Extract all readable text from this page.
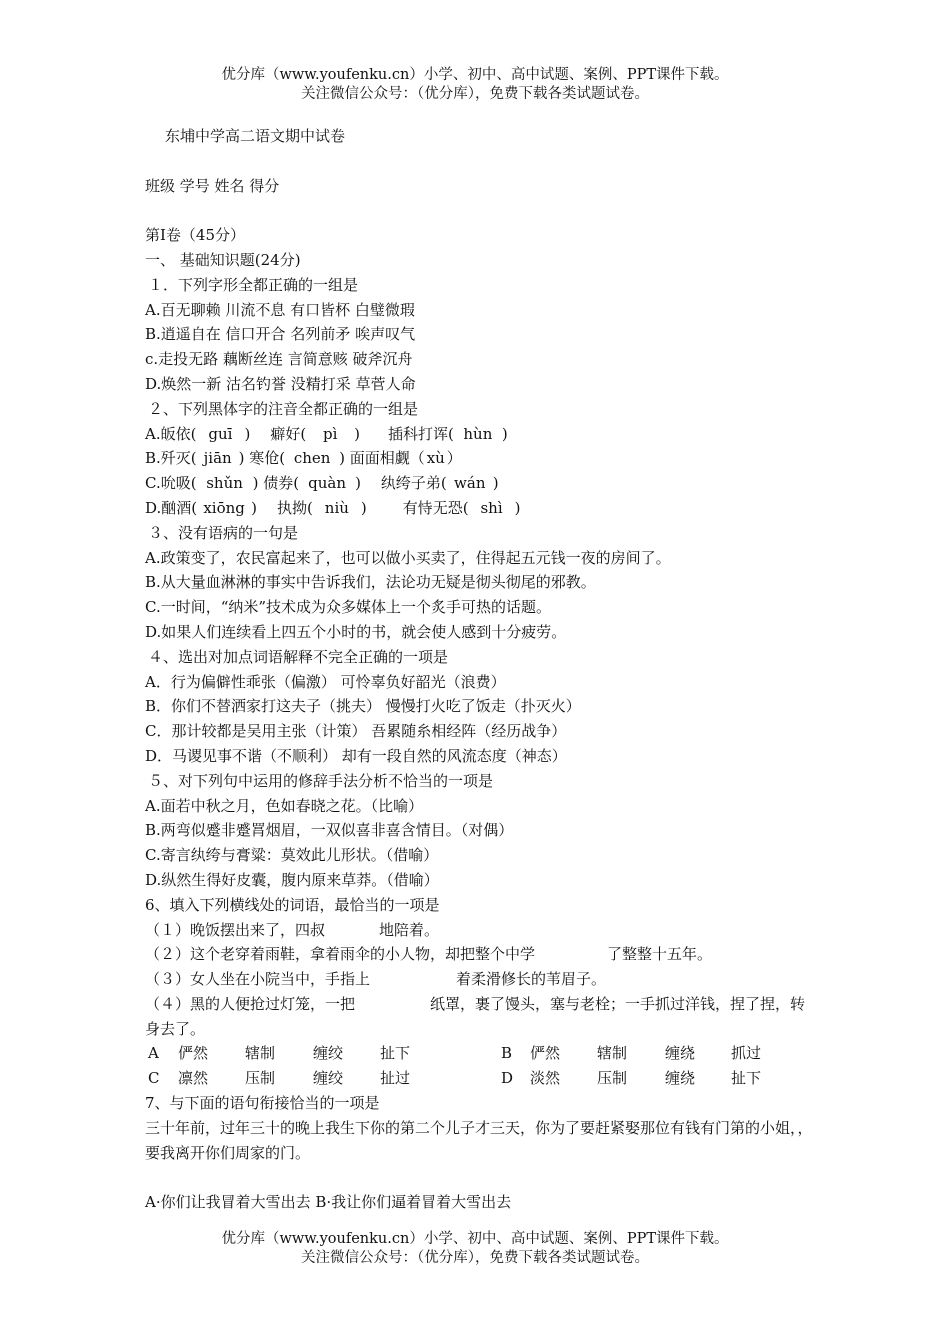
优分库（www.youfenku.cn）小学、初中、高中试题、案例、PPT课件下载。
关注微信公众号：（优分库），免费下载各类试题试卷。
东埔中学高二语文期中试卷
班级 学号 姓名 得分
第Ⅰ卷（45分）
一、 基础知识题(24分)
１．下列字形全都正确的一组是
A.百无聊赖 川流不息 有口皆杯 白璧微瑕
B.逍遥自在 信口开合 名列前矛 唉声叹气
c.走投无路 藕断丝连 言简意赅 破斧沉舟
D.焕然一新 沽名钓誉 没精打采 草菅人命
２、下列黑体字的注音全都正确的一组是
A.皈依( guī ) 癖好( pì ) 插科打诨( hùn )
B.歼灭( jiān ) 寒伧( chen ) 面面相觑（ xù ）
C.吮吸( shǔn ) 债券( quàn ) 纨绔子弟( wán )
D.酗酒( xiōng ) 执拗( niù ) 有恃无恐( shì )
３、没有语病的一句是
A.政策变了，农民富起来了，也可以做小买卖了，住得起五元钱一夜的房间了。
B.从大量血淋淋的事实中告诉我们，法论功无疑是彻头彻尾的邪教。
C.一时间，“纳米”技术成为众多媒体上一个炙手可热的话题。
D.如果人们连续看上四五个小时的书，就会使人感到十分疲劳。
４、选出对加点词语解释不完全正确的一项是
A．行为偏僻性乖张（偏激） 可怜辜负好韶光（浪费）
B．你们不替洒家打这夫子（挑夫） 慢慢打火吃了饭走（扑灭火）
C．那计较都是吴用主张（计策） 吾累随糸相经阵（经历战争）
D．马谡见事不谐（不顺利） 却有一段自然的风流态度（神态）
５、对下列句中运用的修辞手法分析不恰当的一项是
A.面若中秋之月，色如春晓之花。（比喻）
B.两弯似蹙非蹙罥烟眉，一双似喜非喜含情目。（对偶）
C.寄言纨绔与膏粱：莫效此儿形状。（借喻）
D.纵然生得好皮囊，腹内原来草莽。（借喻）
6、填入下列横线处的词语，最恰当的一项是
（１）晚饭摆出来了，四叔	地陪着。
（２）这个老穿着雨鞋，拿着雨伞的小人物，却把整个中学	了整整十五年。
（３）女人坐在小院当中，手指上	着柔滑修长的苇眉子。
（４）黑的人便抢过灯笼，一把　　　　　纸罩，裹了馒头，塞与老栓；一手抓过洋钱，捏了捏，转身去了。
A 俨然 辖制	缠绞 扯下	B 俨然 辖制	缠绕 抓过
C 凛然 压制	缠绞 扯过	D 淡然 压制	缠绕 扯下
7、与下面的语句衔接恰当的一项是
三十年前，过年三十的晚上我生下你的第二个儿子才三天，你为了要赶紧娶那位有钱有门第的小姐，，要我离开你们周家的门。
A·你们让我冒着大雪出去 B·我让你们逼着冒着大雪出去
优分库（www.youfenku.cn）小学、初中、高中试题、案例、PPT课件下载。
关注微信公众号：（优分库），免费下载各类试题试卷。
